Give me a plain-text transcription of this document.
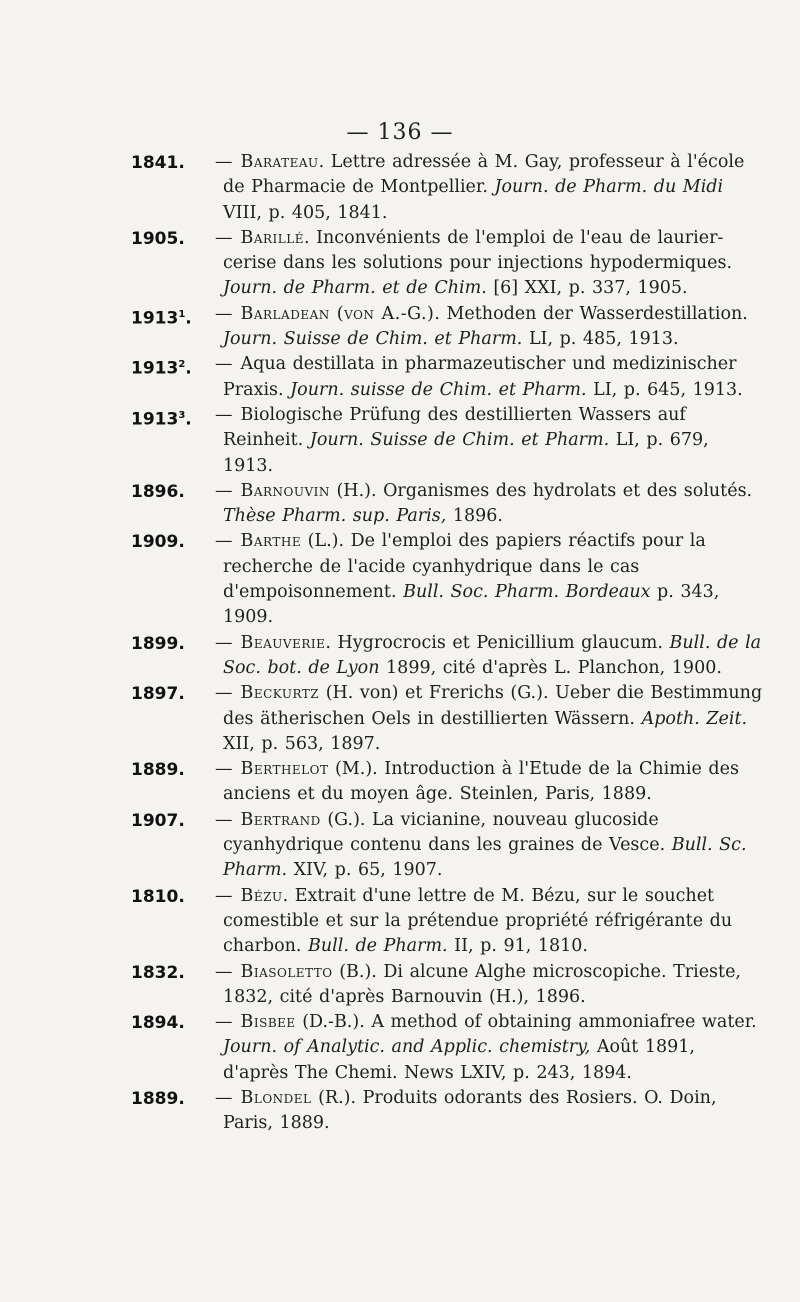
— 136 —
1841. — Barateau. Lettre adressée à M. Gay, professeur à l'école de Pharmacie de Montpellier. Journ. de Pharm. du Midi VIII, p. 405, 1841.

1905. — Barillé. Inconvénients de l'emploi de l'eau de laurier-cerise dans les solutions pour injections hypodermiques. Journ. de Pharm. et de Chim. [6] XXI, p. 337, 1905.

1913$^1$. — Barladean (von A.-G.). Methoden der Wasserdestillation. Journ. Suisse de Chim. et Pharm. LI, p. 485, 1913.

1913$^2$. — Aqua destillata in pharmazeutischer und medizinischer Praxis. Journ. suisse de Chim. et Pharm. LI, p. 645, 1913.

1913$^3$. — Biologische Prüfung des destillierten Wassers auf Reinheit. Journ. Suisse de Chim. et Pharm. LI, p. 679, 1913.

1896. — Barnouvin (H.). Organismes des hydrolats et des solutés. Thèse Pharm. sup. Paris, 1896.

1909. — Barthe (L.). De l'emploi des papiers réactifs pour la recherche de l'acide cyanhydrique dans le cas d'empoisonnement. Bull. Soc. Pharm. Bordeaux p. 343, 1909.

1899. — Beauverie. Hygrocrocis et Penicillium glaucum. Bull. de la Soc. bot. de Lyon 1899, cité d'après L. Planchon, 1900.

1897. — Beckurtz (H. von) et Frerichs (G.). Ueber die Bestimmung des ätherischen Oels in destillierten Wässern. Apoth. Zeit. XII, p. 563, 1897.

1889. — Berthelot (M.). Introduction à l'Etude de la Chimie des anciens et du moyen âge. Steinlen, Paris, 1889.

1907. — Bertrand (G.). La vicianine, nouveau glucoside cyanhydrique contenu dans les graines de Vesce. Bull. Sc. Pharm. XIV, p. 65, 1907.

1810. — Bézu. Extrait d'une lettre de M. Bézu, sur le souchet comestible et sur la prétendue propriété réfrigérante du charbon. Bull. de Pharm. II, p. 91, 1810.

1832. — Biasoletto (B.). Di alcune Alghe microscopiche. Trieste, 1832, cité d'après Barnouvin (H.), 1896.

1894. — Bisbee (D.-B.). A method of obtaining ammoniafree water. Journ. of Analytic. and Applic. chemistry, Août 1891, d'après The Chemi. News LXIV, p. 243, 1894.

1889. — Blondel (R.). Produits odorants des Rosiers. O. Doin, Paris, 1889.
